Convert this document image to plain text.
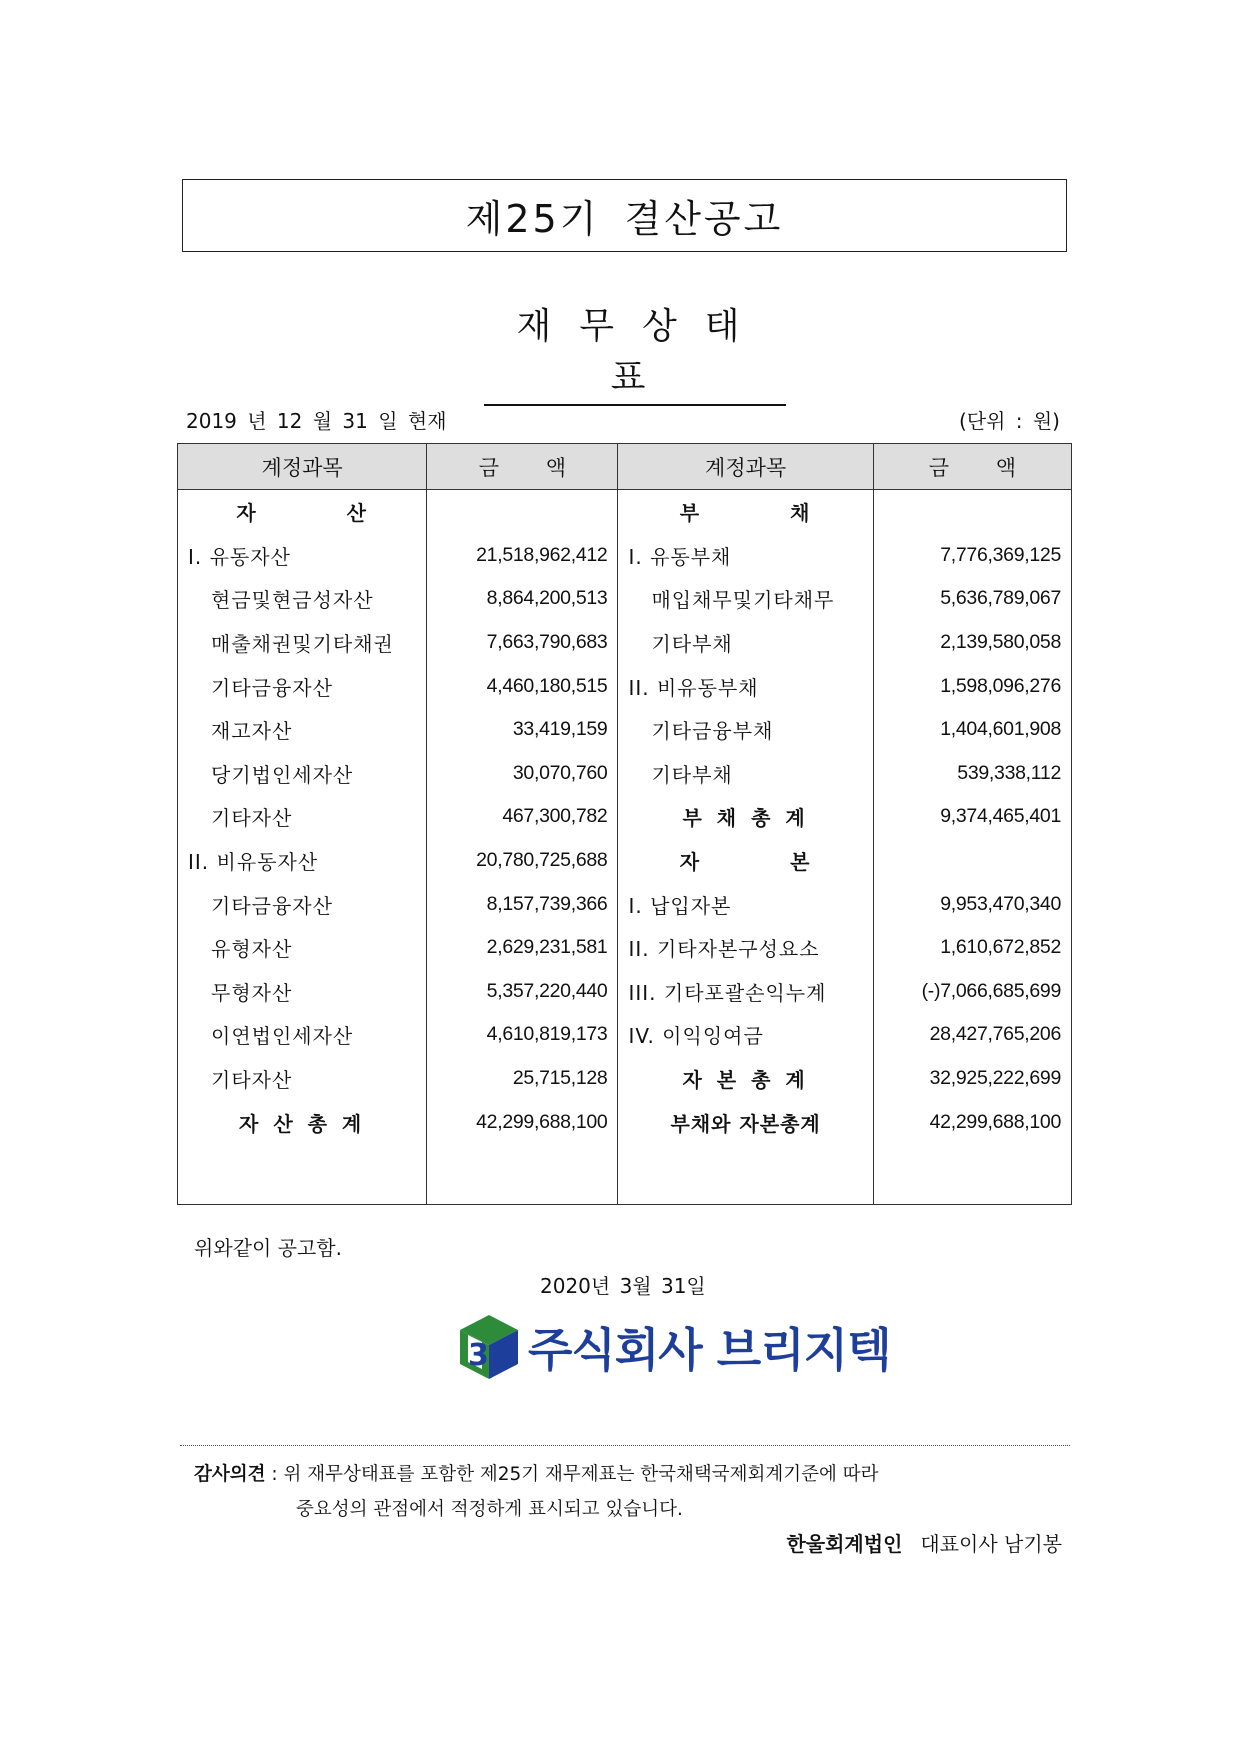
제25기 결산공고
재무상태표
2019 년 12 월 31 일 현재	(단위 : 원)
계정과목	금 액	계정과목	금 액
자 산		부 채	
I. 유동자산	21,518,962,412	I. 유동부채	7,776,369,125
현금및현금성자산	8,864,200,513	매입채무및기타채무	5,636,789,067
매출채권및기타채권	7,663,790,683	기타부채	2,139,580,058
기타금융자산	4,460,180,515	II. 비유동부채	1,598,096,276
재고자산	33,419,159	기타금융부채	1,404,601,908
당기법인세자산	30,070,760	기타부채	539,338,112
기타자산	467,300,782	부 채 총 계	9,374,465,401
II. 비유동자산	20,780,725,688	자 본	
기타금융자산	8,157,739,366	I. 납입자본	9,953,470,340
유형자산	2,629,231,581	II. 기타자본구성요소	1,610,672,852
무형자산	5,357,220,440	III. 기타포괄손익누계	(-)7,066,685,699
이연법인세자산	4,610,819,173	IV. 이익잉여금	28,427,765,206
기타자산	25,715,128	자 본 총 계	32,925,222,699
자 산 총 계	42,299,688,100	부채와 자본총계	42,299,688,100

위와같이 공고함.
2020년 3월 31일
3 주식회사 브리지텍
감사의견 : 위 재무상태표를 포함한 제25기 재무제표는 한국채택국제회계기준에 따라
중요성의 관점에서 적정하게 표시되고 있습니다.
한울회계법인 대표이사 남기봉
